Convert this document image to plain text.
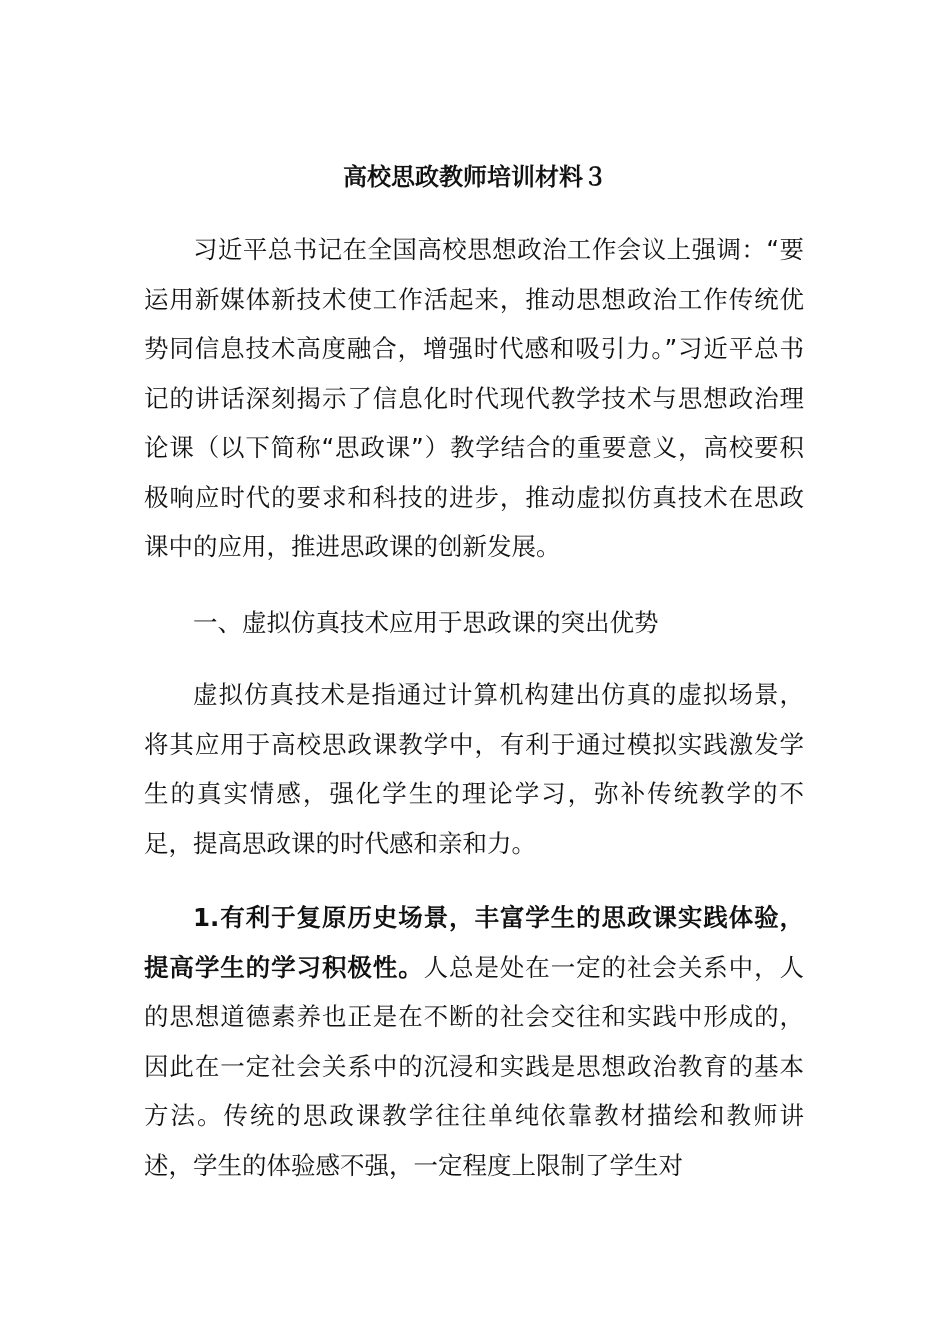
高校思政教师培训材料３

习近平总书记在全国高校思想政治工作会议上强调：“要运用新媒体新技术使工作活起来，推动思想政治工作传统优势同信息技术高度融合，增强时代感和吸引力。”习近平总书记的讲话深刻揭示了信息化时代现代教学技术与思想政治理论课（以下简称“思政课”）教学结合的重要意义，高校要积极响应时代的要求和科技的进步，推动虚拟仿真技术在思政课中的应用，推进思政课的创新发展。

一、虚拟仿真技术应用于思政课的突出优势

虚拟仿真技术是指通过计算机构建出仿真的虚拟场景，将其应用于高校思政课教学中，有利于通过模拟实践激发学生的真实情感，强化学生的理论学习，弥补传统教学的不足，提高思政课的时代感和亲和力。

1.有利于复原历史场景，丰富学生的思政课实践体验，提高学生的学习积极性。人总是处在一定的社会关系中，人的思想道德素养也正是在不断的社会交往和实践中形成的，因此在一定社会关系中的沉浸和实践是思想政治教育的基本方法。传统的思政课教学往往单纯依靠教材描绘和教师讲述，学生的体验感不强，一定程度上限制了学生对
